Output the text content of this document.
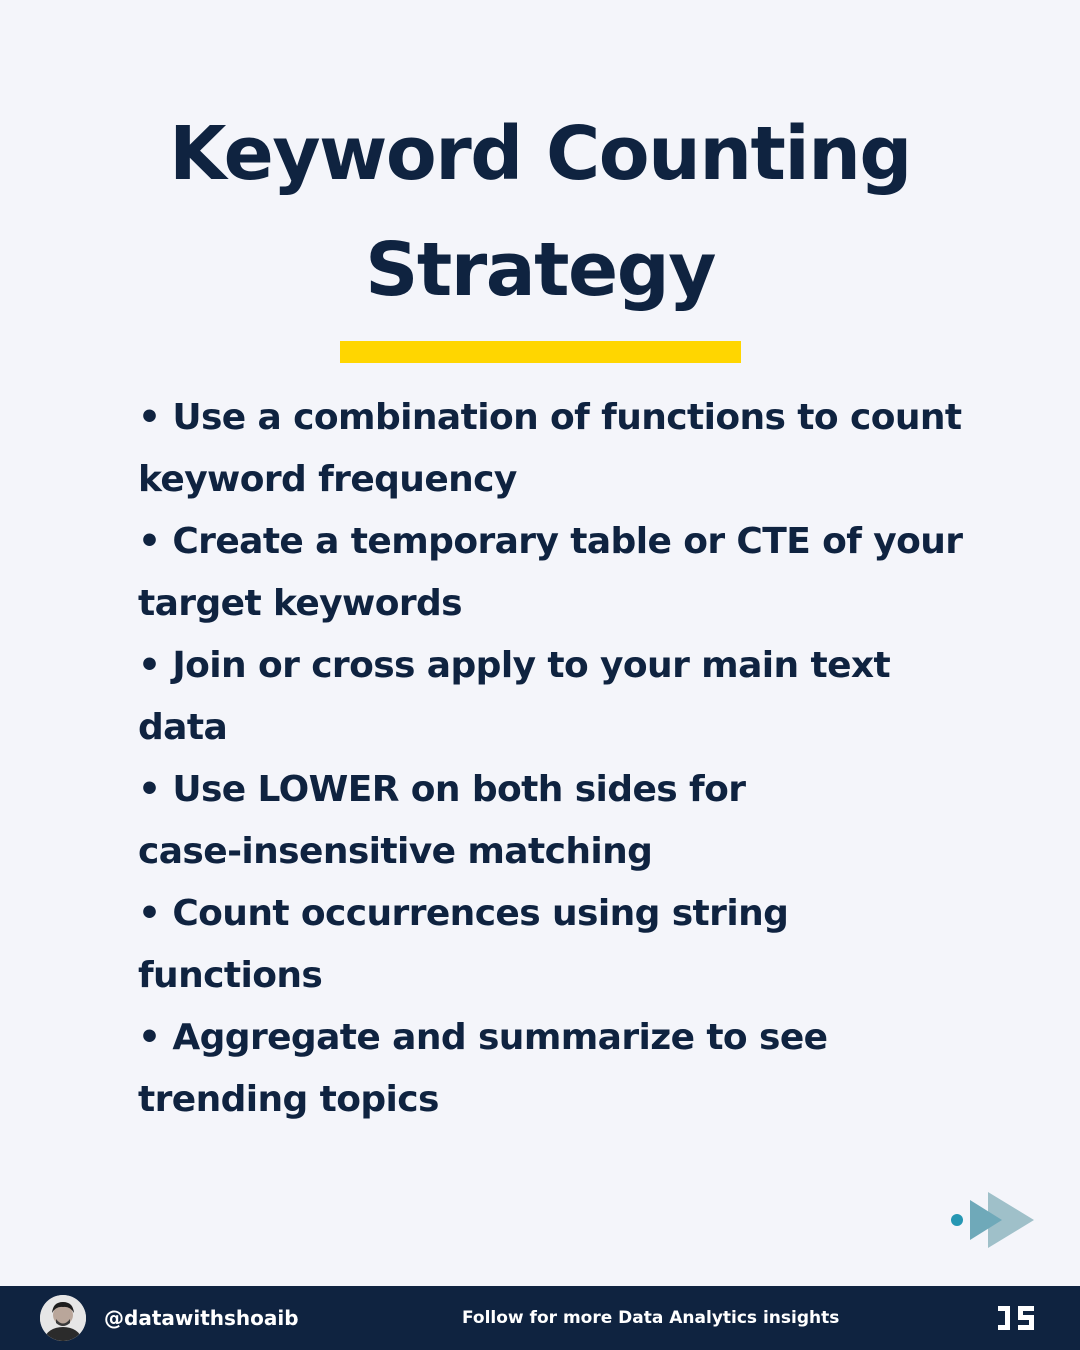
Keyword Counting
Strategy
• Use a combination of functions to count
keyword frequency
• Create a temporary table or CTE of your
target keywords
• Join or cross apply to your main text data
• Use LOWER on both sides for
case-insensitive matching
• Count occurrences using string functions
• Aggregate and summarize to see
trending topics
@datawithshoaib	Follow for more Data Analytics insights
